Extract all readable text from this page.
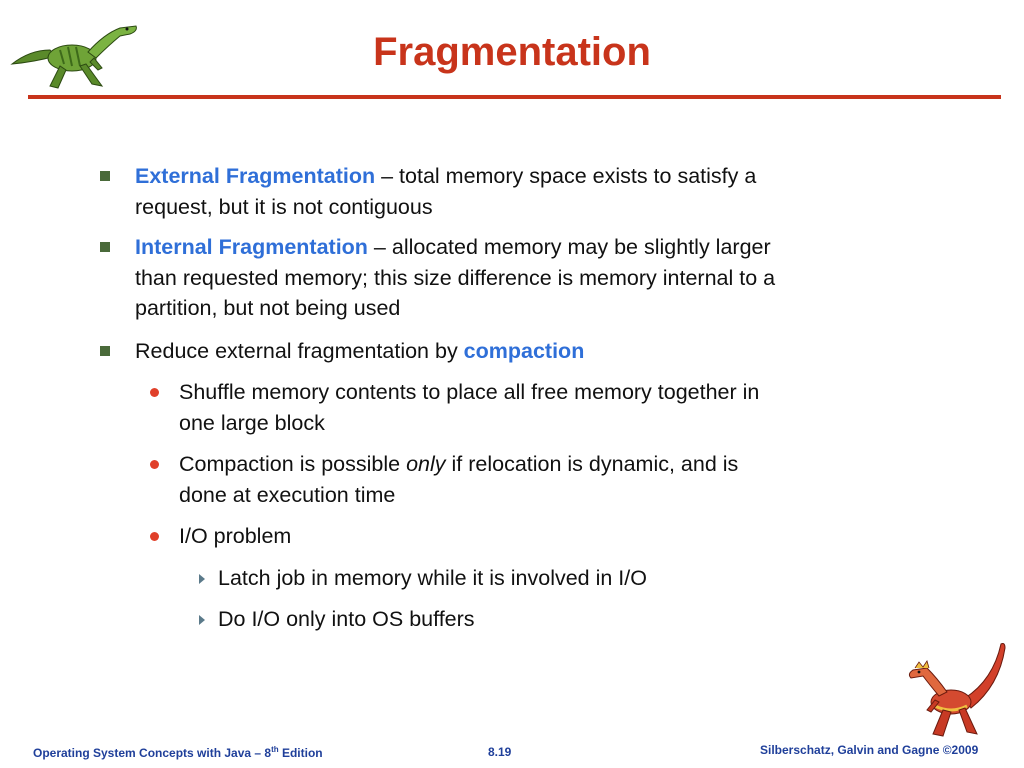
Fragmentation
External Fragmentation – total memory space exists to satisfy a
request, but it is not contiguous
Internal Fragmentation – allocated memory may be slightly larger
than requested memory; this size difference is memory internal to a
partition, but not being used
Reduce external fragmentation by compaction
Shuffle memory contents to place all free memory together in
one large block
Compaction is possible only if relocation is dynamic, and is
done at execution time
I/O problem
Latch job in memory while it is involved in I/O
Do I/O only into OS buffers
Operating System Concepts with Java – 8th Edition	8.19	Silberschatz, Galvin and Gagne ©2009
